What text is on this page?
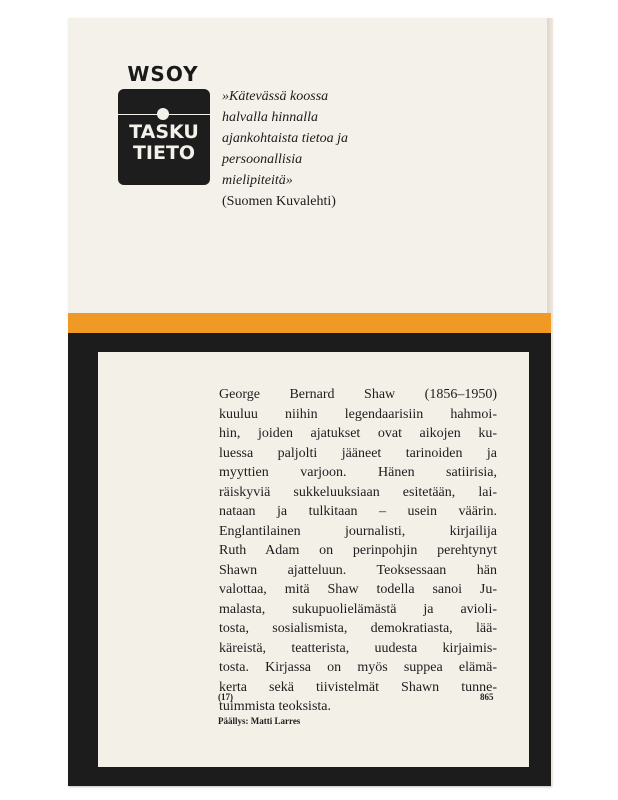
WSOY
TASKU
TIETO
»Kätevässä koossa
halvalla hinnalla
ajankohtaista tietoa ja
persoonallisia
mielipiteitä»
(Suomen Kuvalehti)
George Bernard Shaw (1856–1950)
kuuluu niihin legendaarisiin hahmoi-
hin, joiden ajatukset ovat aikojen ku-
luessa paljolti jääneet tarinoiden ja
myyttien varjoon. Hänen satiirisia,
räiskyviä sukkeluuksiaan esitetään, lai-
nataan ja tulkitaan – usein väärin.
Englantilainen journalisti, kirjailija
Ruth Adam on perinpohjin perehtynyt
Shawn ajatteluun. Teoksessaan hän
valottaa, mitä Shaw todella sanoi Ju-
malasta, sukupuolielämästä ja avioli-
tosta, sosialismista, demokratiasta, lää-
käreistä, teatterista, uudesta kirjaimis-
tosta. Kirjassa on myös suppea elämä-
kerta sekä tiivistelmät Shawn tunne-
tuimmista teoksista.
(17)	865
Päällys: Matti Larres
